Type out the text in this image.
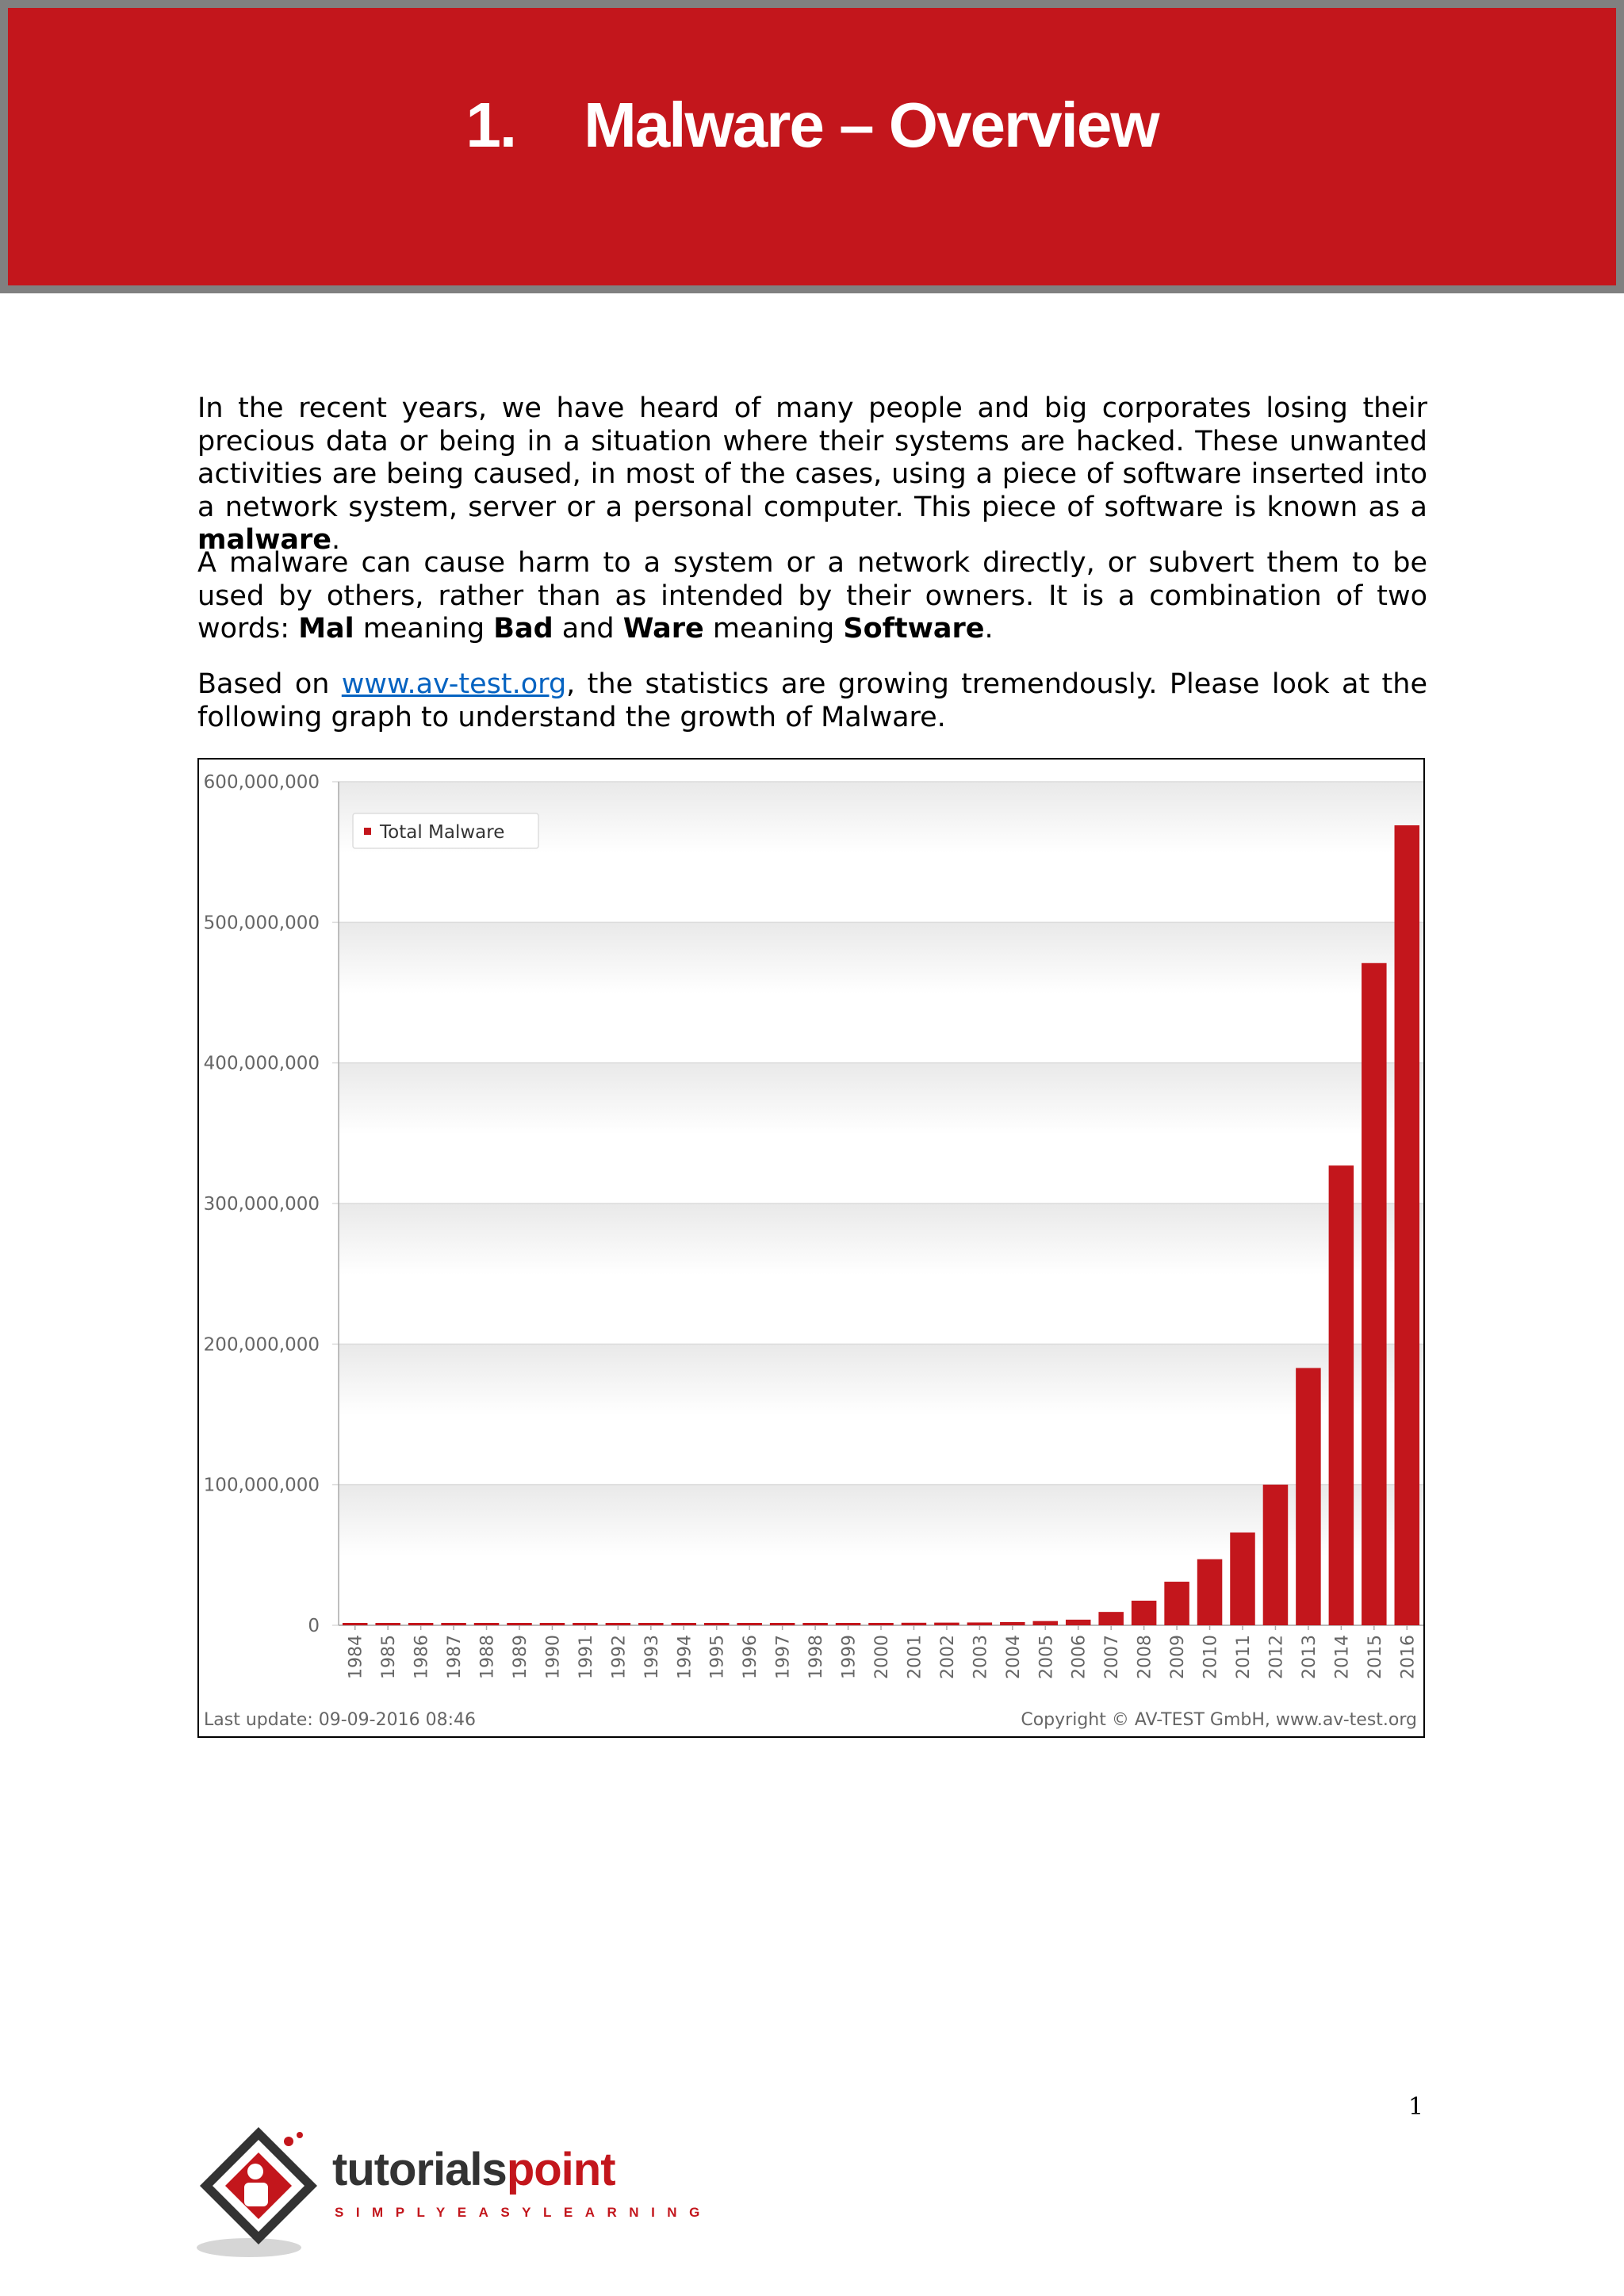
1. Malware – Overview

In the recent years, we have heard of many people and big corporates losing their precious data or being in a situation where their systems are hacked. These unwanted activities are being caused, in most of the cases, using a piece of software inserted into a network system, server or a personal computer. This piece of software is known as a malware.

A malware can cause harm to a system or a network directly, or subvert them to be used by others, rather than as intended by their owners. It is a combination of two words: Mal meaning Bad and Ware meaning Software.

Based on www.av-test.org, the statistics are growing tremendously. Please look at the following graph to understand the growth of Malware.

0
100,000,000
200,000,000
300,000,000
400,000,000
500,000,000
600,000,000
1984 1985 1986 1987 1988 1989 1990 1991 1992 1993 1994 1995 1996 1997 1998 1999 2000 2001 2002 2003 2004 2005 2006 2007 2008 2009 2010 2011 2012 2013 2014 2015 2016
Total Malware
Last update: 09-09-2016 08:46	Copyright © AV-TEST GmbH, www.av-test.org
1
tutorialspoint
SIMPLYEASYLEARNING
